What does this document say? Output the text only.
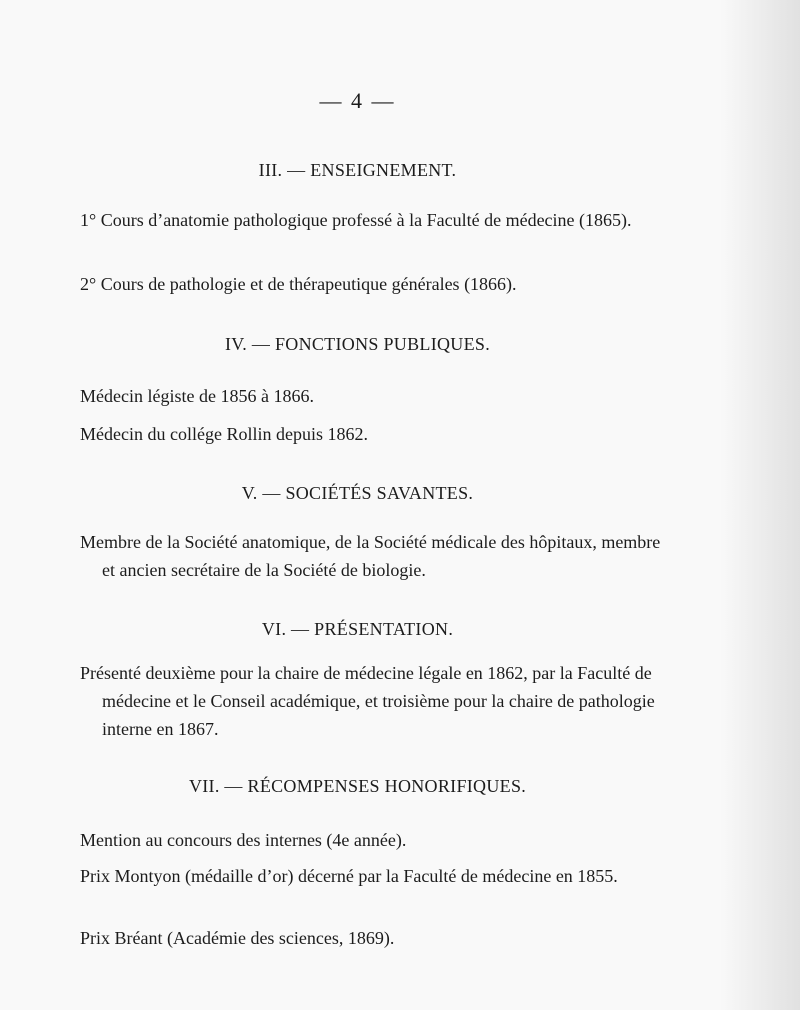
— 4 —
III. — ENSEIGNEMENT.
1° Cours d’anatomie pathologique professé à la Faculté de médecine (1865).
2° Cours de pathologie et de thérapeutique générales (1866).
IV. — FONCTIONS PUBLIQUES.
Médecin légiste de 1856 à 1866.
Médecin du collége Rollin depuis 1862.
V. — SOCIÉTÉS SAVANTES.
Membre de la Société anatomique, de la Société médicale des hôpitaux, membre et ancien secrétaire de la Société de biologie.
VI. — PRÉSENTATION.
Présenté deuxième pour la chaire de médecine légale en 1862, par la Faculté de médecine et le Conseil académique, et troisième pour la chaire de pathologie interne en 1867.
VII. — RÉCOMPENSES HONORIFIQUES.
Mention au concours des internes (4e année).
Prix Montyon (médaille d’or) décerné par la Faculté de médecine en 1855.
Prix Bréant (Académie des sciences, 1869).
